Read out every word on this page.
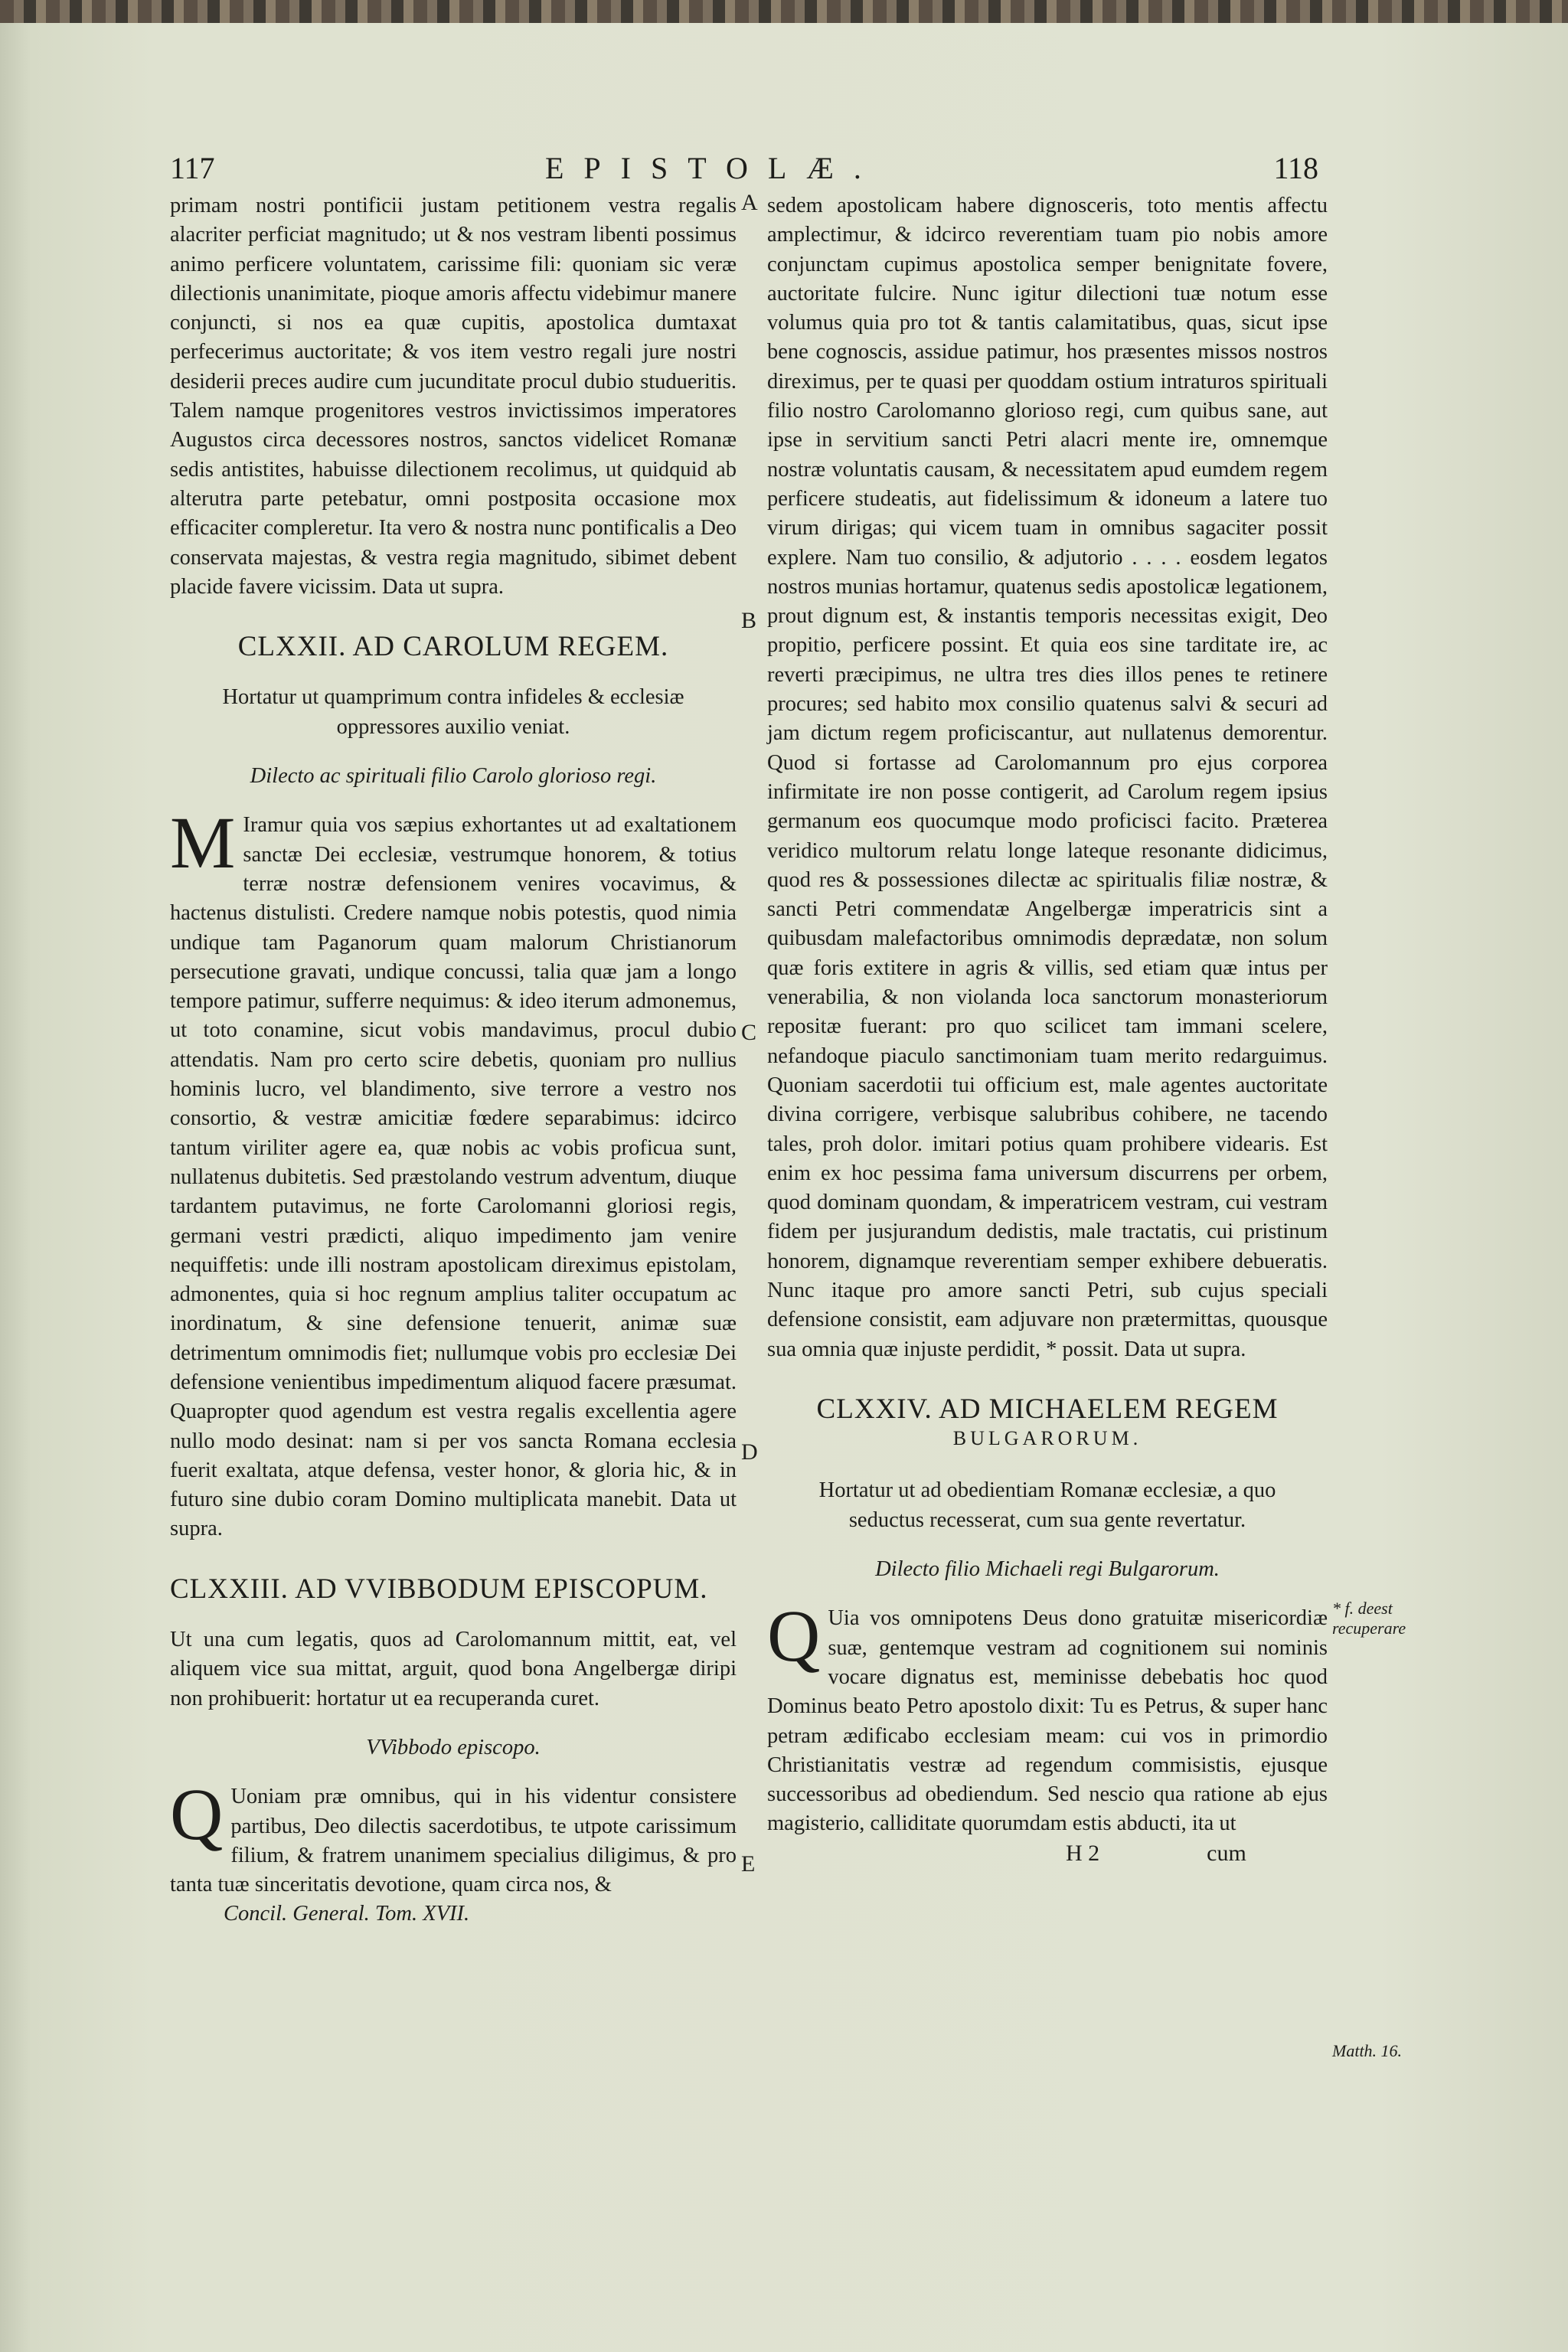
117	EPISTOLÆ.	118

primam nostri pontificii justam petitionem vestra regalis alacriter perficiat magnitudo; ut & nos vestram libenti possimus animo perficere voluntatem, carissime fili: quoniam sic veræ dilectionis unanimitate, pioque amoris affectu videbimur manere conjuncti, si nos ea quæ cupitis, apostolica dumtaxat perfecerimus auctoritate; & vos item vestro regali jure nostri desiderii preces audire cum jucunditate procul dubio studueritis. Talem namque progenitores vestros invictissimos imperatores Augustos circa decessores nostros, sanctos videlicet Romanæ sedis antistites, habuisse dilectionem recolimus, ut quidquid ab alterutra parte petebatur, omni postposita occasione mox efficaciter compleretur. Ita vero & nostra nunc pontificalis a Deo conservata majestas, & vestra regia magnitudo, sibimet debent placide favere vicissim. Data ut supra.

CLXXII. AD CAROLUM REGEM.
Hortatur ut quamprimum contra infideles & ecclesiæ oppressores auxilio veniat.
Dilecto ac spirituali filio Carolo glorioso regi.

M Iramur quia vos sæpius exhortantes ut ad exaltationem sanctæ Dei ecclesiæ, vestrumque honorem, & totius terræ nostræ defensionem venires vocavimus, & hactenus distulisti. Credere namque nobis potestis, quod nimia undique tam Paganorum quam malorum Christianorum persecutione gravati, undique concussi, talia quæ jam a longo tempore patimur, sufferre nequimus: & ideo iterum admonemus, ut toto conamine, sicut vobis mandavimus, procul dubio attendatis. Nam pro certo scire debetis, quoniam pro nullius hominis lucro, vel blandimento, sive terrore a vestro nos consortio, & vestræ amicitiæ fœdere separabimus: idcirco tantum viriliter agere ea, quæ nobis ac vobis proficua sunt, nullatenus dubitetis. Sed præstolando vestrum adventum, diuque tardantem putavimus, ne forte Carolomanni gloriosi regis, germani vestri prædicti, aliquo impedimento jam venire nequiffetis: unde illi nostram apostolicam direximus epistolam, admonentes, quia si hoc regnum amplius taliter occupatum ac inordinatum, & sine defensione tenuerit, animæ suæ detrimentum omnimodis fiet; nullumque vobis pro ecclesiæ Dei defensione venientibus impedimentum aliquod facere præsumat. Quapropter quod agendum est vestra regalis excellentia agere nullo modo desinat: nam si per vos sancta Romana ecclesia fuerit exaltata, atque defensa, vester honor, & gloria hic, & in futuro sine dubio coram Domino multiplicata manebit. Data ut supra.

CLXXIII. AD VVIBBODUM EPISCOPUM.

Ut una cum legatis, quos ad Carolomannum mittit, eat, vel aliquem vice sua mittat, arguit, quod bona Angelbergæ diripi non prohibuerit: hortatur ut ea recuperanda curet.

VVibbodo episcopo.

Q Uoniam præ omnibus, qui in his videntur consistere partibus, Deo dilectis sacerdotibus, te utpote carissimum filium, & fratrem unanimem specialius diligimus, & pro tanta tuæ sinceritatis devotione, quam circa nos, &

Concil. General. Tom. XVII.

sedem apostolicam habere dignosceris, toto mentis affectu amplectimur, & idcirco reverentiam tuam pio nobis amore conjunctam cupimus apostolica semper benignitate fovere, auctoritate fulcire. Nunc igitur dilectioni tuæ notum esse volumus quia pro tot & tantis calamitatibus, quas, sicut ipse bene cognoscis, assidue patimur, hos præsentes missos nostros direximus, per te quasi per quoddam ostium intraturos spirituali filio nostro Carolomanno glorioso regi, cum quibus sane, aut ipse in servitium sancti Petri alacri mente ire, omnemque nostræ voluntatis causam, & necessitatem apud eumdem regem perficere studeatis, aut fidelissimum & idoneum a latere tuo virum dirigas; qui vicem tuam in omnibus sagaciter possit explere. Nam tuo consilio, & adjutorio . . . . eosdem legatos nostros munias hortamur, quatenus sedis apostolicæ legationem, prout dignum est, & instantis temporis necessitas exigit, Deo propitio, perficere possint. Et quia eos sine tarditate ire, ac reverti præcipimus, ne ultra tres dies illos penes te retinere procures; sed habito mox consilio quatenus salvi & securi ad jam dictum regem proficiscantur, aut nullatenus demorentur. Quod si fortasse ad Carolomannum pro ejus corporea infirmitate ire non posse contigerit, ad Carolum regem ipsius germanum eos quocumque modo proficisci facito. Præterea veridico multorum relatu longe lateque resonante didicimus, quod res & possessiones dilectæ ac spiritualis filiæ nostræ, & sancti Petri commendatæ Angelbergæ imperatricis sint a quibusdam malefactoribus omnimodis deprædatæ, non solum quæ foris extitere in agris & villis, sed etiam quæ intus per venerabilia, & non violanda loca sanctorum monasteriorum repositæ fuerant: pro quo scilicet tam immani scelere, nefandoque piaculo sanctimoniam tuam merito redarguimus. Quoniam sacerdotii tui officium est, male agentes auctoritate divina corrigere, verbisque salubribus cohibere, ne tacendo tales, proh dolor. imitari potius quam prohibere videaris. Est enim ex hoc pessima fama universum discurrens per orbem, quod dominam quondam, & imperatricem vestram, cui vestram fidem per jusjurandum dedistis, male tractatis, cui pristinum honorem, dignamque reverentiam semper exhibere debueratis. Nunc itaque pro amore sancti Petri, sub cujus speciali defensione consistit, eam adjuvare non prætermittas, quousque sua omnia quæ injuste perdidit, * possit. Data ut supra.

CLXXIV. AD MICHAELEM REGEM
BULGARORUM.
Hortatur ut ad obedientiam Romanæ ecclesiæ, a quo seductus recesserat, cum sua gente revertatur.
Dilecto filio Michaeli regi Bulgarorum.

Q Uia vos omnipotens Deus dono gratuitæ misericordiæ suæ, gentemque vestram ad cognitionem sui nominis vocare dignatus est, meminisse debebatis hoc quod Dominus beato Petro apostolo dixit: Tu es Petrus, & super hanc petram ædificabo ecclesiam meam: cui vos in primordio Christianitatis vestræ ad regendum commisistis, ejusque successoribus ad obediendum. Sed nescio qua ratione ab ejus magisterio, calliditate quorumdam estis abducti, ita ut

H 2	cum
A
B
C
D
E
* f. deest recuperare
Matth. 16.
